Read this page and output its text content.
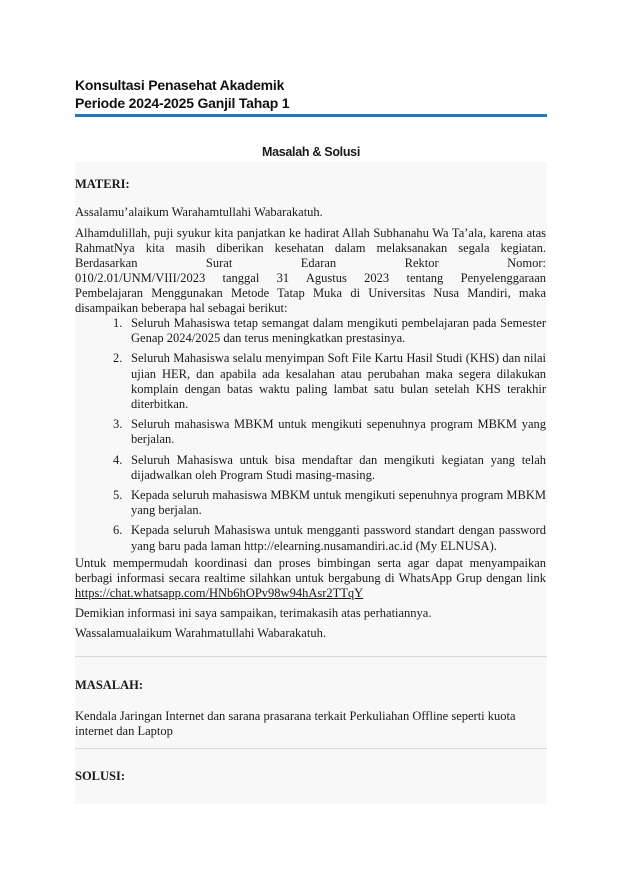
Konsultasi Penasehat Akademik
Periode 2024-2025 Ganjil Tahap 1
Masalah & Solusi
MATERI:
Assalamu’alaikum Warahamtullahi Wabarakatuh.
Alhamdulillah, puji syukur kita panjatkan ke hadirat Allah Subhanahu Wa Ta’ala, karena atas
RahmatNya kita masih diberikan kesehatan dalam melaksanakan segala kegiatan.
Berdasarkan Surat Edaran Rektor Nomor:
010/2.01/UNM/VIII/2023 tanggal 31 Agustus 2023 tentang Penyelenggaraan
Pembelajaran Menggunakan Metode Tatap Muka di Universitas Nusa Mandiri, maka
disampaikan beberapa hal sebagai berikut:
1. Seluruh Mahasiswa tetap semangat dalam mengikuti pembelajaran pada Semester Genap 2024/2025 dan terus meningkatkan prestasinya.
2. Seluruh Mahasiswa selalu menyimpan Soft File Kartu Hasil Studi (KHS) dan nilai ujian HER, dan apabila ada kesalahan atau perubahan maka segera dilakukan komplain dengan batas waktu paling lambat satu bulan setelah KHS terakhir diterbitkan.
3. Seluruh mahasiswa MBKM untuk mengikuti sepenuhnya program MBKM yang berjalan.
4. Seluruh Mahasiswa untuk bisa mendaftar dan mengikuti kegiatan yang telah dijadwalkan oleh Program Studi masing-masing.
5. Kepada seluruh mahasiswa MBKM untuk mengikuti sepenuhnya program MBKM yang berjalan.
6. Kepada seluruh Mahasiswa untuk mengganti password standart dengan password yang baru pada laman http://elearning.nusamandiri.ac.id (My ELNUSA).
Untuk mempermudah koordinasi dan proses bimbingan serta agar dapat menyampaikan berbagi informasi secara realtime silahkan untuk bergabung di WhatsApp Grup dengan link https://chat.whatsapp.com/HNb6hOPv98w94hAsr2TTqY
Demikian informasi ini saya sampaikan, terimakasih atas perhatiannya.
Wassalamualaikum Warahmatullahi Wabarakatuh.
MASALAH:
Kendala Jaringan Internet dan sarana prasarana terkait Perkuliahan Offline seperti kuota internet dan Laptop
SOLUSI:
